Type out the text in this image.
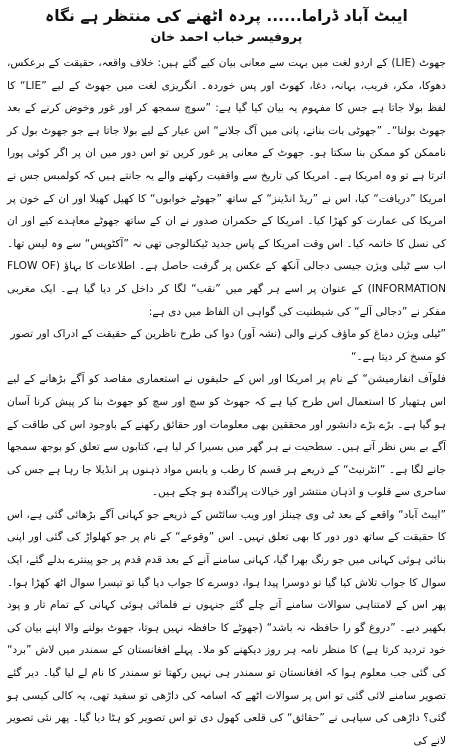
ایبٹ آباد ڈراما...... پردہ اٹھنے کی منتظر ہے نگاہ
پروفیسر خباب احمد خان

جھوٹ (LIE) کے اردو لغت میں بہت سے معانی بیان کیے گئے ہیں: خلاف واقعہ، حقیقت کے برعکس، دھوکا، مکر، فریب، بہانہ، دغا، کھوٹ اور پس خوردہ۔ انگریزی لغت میں جھوٹ کے لیے ”LIE“ کا لفظ بولا جاتا ہے جس کا مفہوم یہ بیان کیا گیا ہے: ”سوچ سمجھ کر اور غور وخوض کرنے کے بعد جھوٹ بولنا“۔ ”جھوٹی بات بنانے، پانی میں آگ جلانے“ اس عیار کے لیے بولا جاتا ہے جو جھوٹ بول کر ناممکن کو ممکن بنا سکتا ہو۔ جھوٹ کے معانی پر غور کریں تو اس دور میں ان پر اگر کوئی پورا اترتا ہے تو وہ امریکا ہے۔ امریکا کی تاریخ سے واقفیت رکھنے والے یہ جانتے ہیں کہ کولمبس جس نے امریکا ”دریافت“ کیا، اس نے ”ریڈ انڈینز“ کے ساتھ ”جھوٹے خوابوں“ کا کھیل کھیلا اور ان کے خون پر امریکا کی عمارت کو کھڑا کیا۔ امریکا کے حکمران صدور نے ان کے ساتھ جھوٹے معاہدے کیے اور ان کی نسل کا خاتمہ کیا۔ اس وقت امریکا کے پاس جدید ٹیکنالوجی تھی نہ ”آکٹوپس“ سے وہ لیس تھا۔ اب سے ٹیلی ویژن جیسی دجالی آنکھ کے عکس پر گرفت حاصل ہے۔ اطلاعات کا بہاؤ (FLOW OF INFORMATION) کے عنوان پر اسے ہر گھر میں ”نقب“ لگا کر داخل کر دیا گیا ہے۔ ایک مغربی مفکر نے ”دجالی آلے“ کی شیطنیت کی گواہی ان الفاظ میں دی ہے:

”ٹیلی ویژن دماغ کو ماؤف کرنے والی (نشہ آور) دوا کی طرح ناظرین کے حقیقت کے ادراک اور تصور کو مسخ کر دیتا ہے۔“

فلوآف انفارمیشن“ کے نام پر امریکا اور اس کے حلیفوں نے استعماری مقاصد کو آگے بڑھانے کے لیے اس ہتھیار کا استعمال اس طرح کیا ہے کہ جھوٹ کو سچ اور سچ کو جھوٹ بنا کر پیش کرنا آسان ہو گیا ہے۔ بڑے بڑے دانشور اور محققین بھی معلومات اور حقائق رکھنے کے باوجود اس کی طاقت کے آگے بے بس نظر آتے ہیں۔ سطحیت نے ہر گھر میں بسیرا کر لیا ہے، کتابوں سے تعلق کو بوجھ سمجھا جانے لگا ہے۔ ”انٹرنیٹ“ کے ذریعے ہر قسم کا رطب و یابس مواد ذہنوں پر انڈیلا جا رہا ہے جس کی ساحری سے قلوب و اذہان منتشر اور خیالات پراگندہ ہو چکے ہیں۔

”ایبٹ آباد“ واقعے کے بعد ٹی وی چینلز اور ویب سائٹس کے ذریعے جو کہانی آگے بڑھائی گئی ہے، اس کا حقیقت کے ساتھ دور دور کا بھی تعلق نہیں۔ اس ”وقوعے“ کے نام پر جو کھلواڑ کی گئی اور اپنی بنائی ہوئی کہانی میں جو رنگ بھرا گیا، کہانی سامنے آنے کے بعد قدم قدم پر جو پینترے بدلے گئے، ایک سوال کا جواب تلاش کیا گیا تو دوسرا پیدا ہوا، دوسرے کا جواب دیا گیا تو تیسرا سوال اٹھ کھڑا ہوا۔ پھر اس کے لامتناہی سوالات سامنے آتے چلے گئے جنہوں نے فلمائی ہوئی کہانی کے تمام تار و پود بکھیر دیے۔ ”دروغ گو را حافظہ نہ باشد“ (جھوٹے کا حافظہ نہیں ہوتا، جھوٹ بولنے والا اپنے بیان کی خود تردید کرتا ہے) کا منظر نامہ ہر روز دیکھنے کو ملا۔ پہلے افغانستان کے سمندر میں لاش ”برد“ کی گئی جب معلوم ہوا کہ افغانستان تو سمندر ہی نہیں رکھتا تو سمندر کا نام لے لیا گیا۔ دیر گئے تصویر سامنے لائی گئی تو اس پر سوالات اٹھے کہ اسامہ کی داڑھی تو سفید تھی، یہ کالی کیسی ہو گئی؟ داڑھی کی سیاہی نے ”حقائق“ کی قلعی کھول دی تو اس تصویر کو ہٹا دیا گیا۔ پھر نئی تصویر لانے کی
